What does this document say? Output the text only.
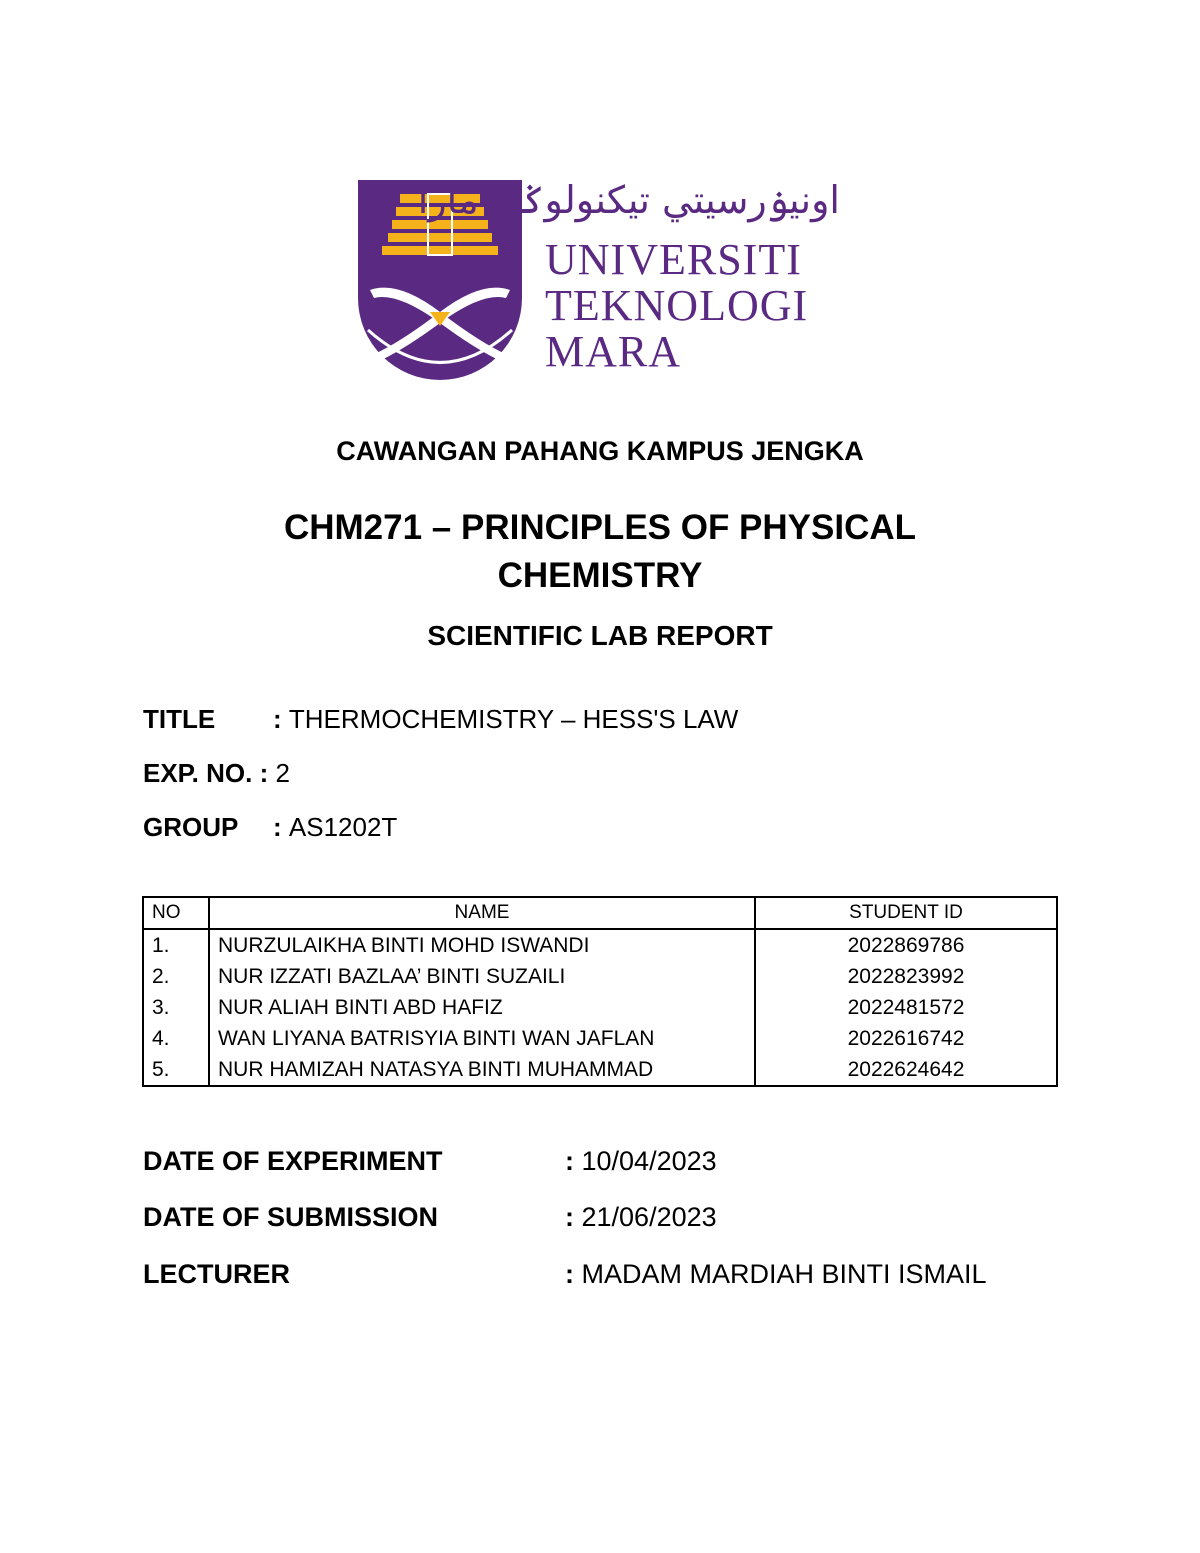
اونيۏرسيتي تيکنولوݢي مارا
UNIVERSITI
TEKNOLOGI
MARA
CAWANGAN PAHANG KAMPUS JENGKA
CHM271 – PRINCIPLES OF PHYSICAL
CHEMISTRY
SCIENTIFIC LAB REPORT
TITLE : THERMOCHEMISTRY – HESS'S LAW
EXP. NO. : 2
GROUP : AS1202T
NO	NAME	STUDENT ID
1.	NURZULAIKHA BINTI MOHD ISWANDI	2022869786
2.	NUR IZZATI BAZLAA’ BINTI SUZAILI	2022823992
3.	NUR ALIAH BINTI ABD HAFIZ	2022481572
4.	WAN LIYANA BATRISYIA BINTI WAN JAFLAN	2022616742
5.	NUR HAMIZAH NATASYA BINTI MUHAMMAD	2022624642
DATE OF EXPERIMENT	: 10/04/2023
DATE OF SUBMISSION	: 21/06/2023
LECTURER	: MADAM MARDIAH BINTI ISMAIL
